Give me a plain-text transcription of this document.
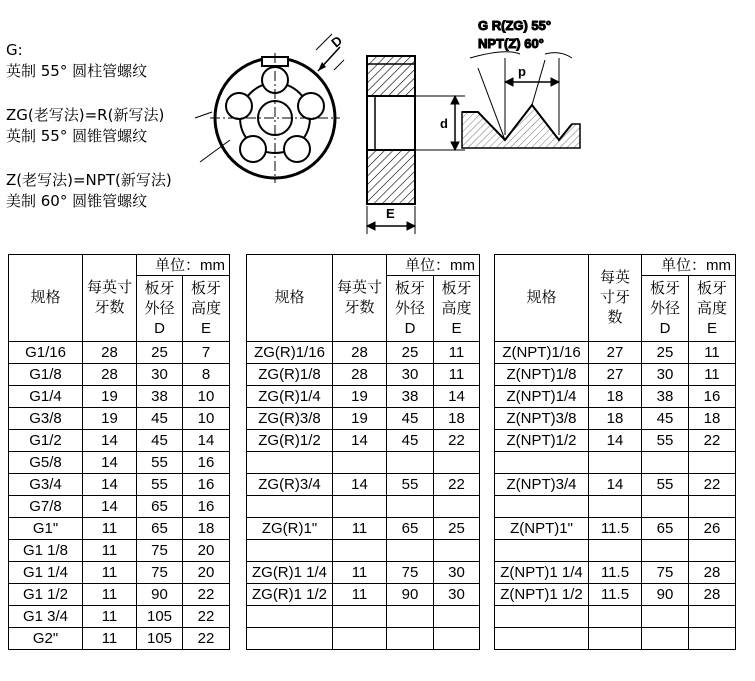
G:
英制 55° 圆柱管螺纹
ZG(老写法)=R(新写法)
英制 55° 圆锥管螺纹
Z(老写法)=NPT(新写法)
美制 60° 圆锥管螺纹
D
d
E
G R(ZG) 55°
NPT(Z) 60°
p
规格	每英寸牙数	单位：mm	
		板牙外径D	板牙高度E
G1/16	28	25	7
G1/8	28	30	8
G1/4	19	38	10
G3/8	19	45	10
G1/2	14	45	14
G5/8	14	55	16
G3/4	14	55	16
G7/8	14	65	16
G1"	11	65	18
G1 1/8	11	75	20
G1 1/4	11	75	20
G1 1/2	11	90	22
G1 3/4	11	105	22
G2"	11	105	22
规格	每英寸牙数	单位：mm	
		板牙外径D	板牙高度E
ZG(R)1/16	28	25	11
ZG(R)1/8	28	30	11
ZG(R)1/4	19	38	14
ZG(R)3/8	19	45	18
ZG(R)1/2	14	45	22

ZG(R)3/4	14	55	22

ZG(R)1"	11	65	25

ZG(R)1 1/4	11	75	30
ZG(R)1 1/2	11	90	30

规格	每英寸牙数	单位：mm	
		板牙外径D	板牙高度E
Z(NPT)1/16	27	25	11
Z(NPT)1/8	27	30	11
Z(NPT)1/4	18	38	16
Z(NPT)3/8	18	45	18
Z(NPT)1/2	14	55	22

Z(NPT)3/4	14	55	22

Z(NPT)1"	11.5	65	26

Z(NPT)1 1/4	11.5	75	28
Z(NPT)1 1/2	11.5	90	28
